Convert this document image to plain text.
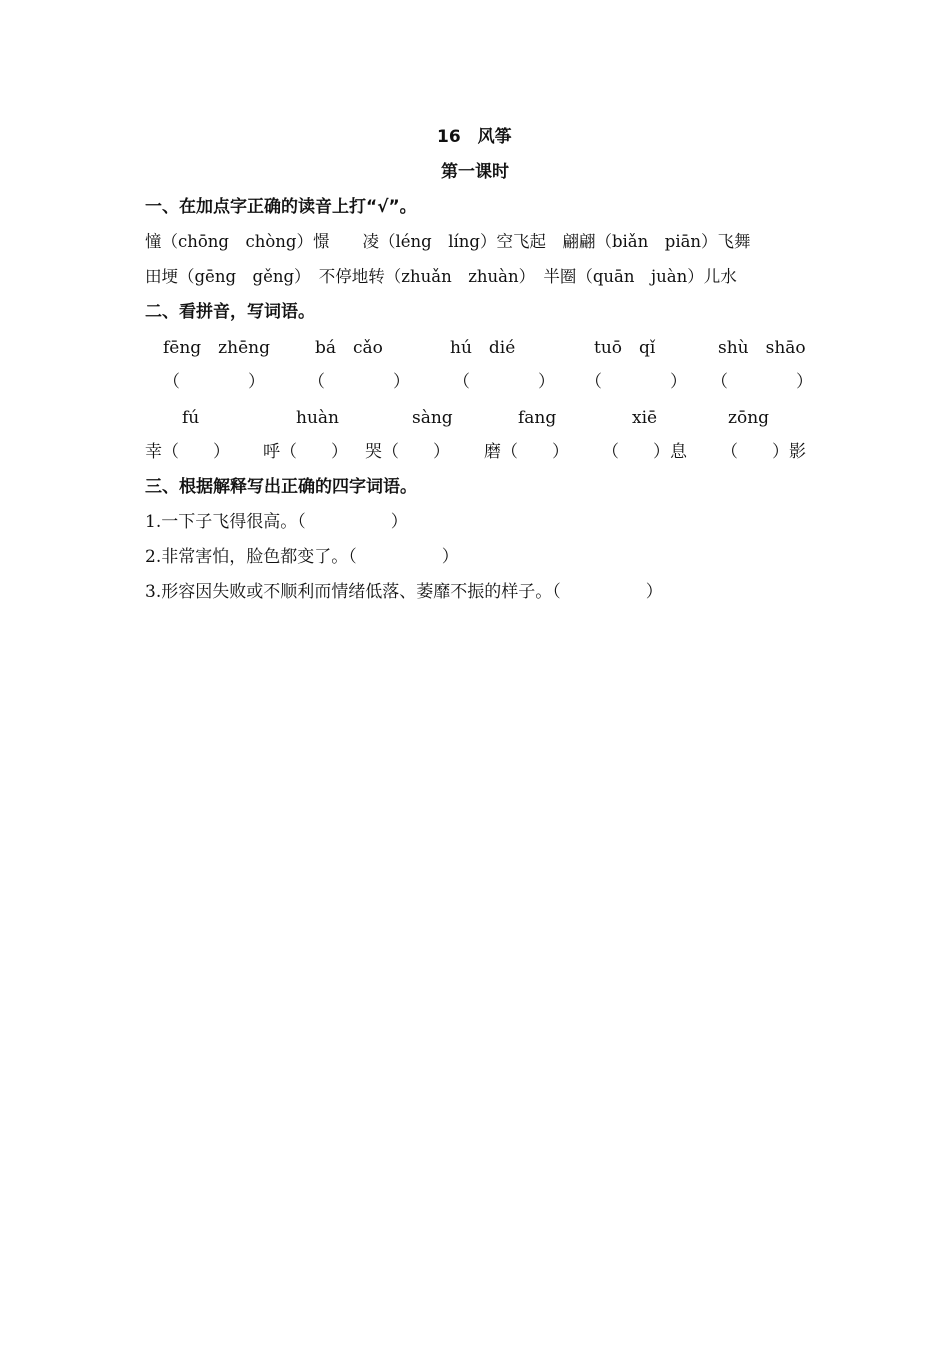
16　风筝
第一课时
一、在加点字正确的读音上打“√”。
憧（chōng　chòng）憬　　凌（léng　líng）空飞起　翩翩（biǎn　piān）飞舞
田埂（gēng　gěng）　不停地转（zhuǎn　zhuàn）　半圈（quān　juàn）儿水
二、看拼音，写词语。
fēng　zhēng	bá　cǎo	hú　dié	tuō　qǐ	shù　shāo
（　　　　）	（　　　　）	（　　　　） （　　　　） （　　　　）
fú	huàn	sàng	fang	xiē	zōng
幸（　　） 呼（　　） 哭（　　） 磨（　　） （　　）息 （　　）影
三、根据解释写出正确的四字词语。
1.一下子飞得很高。（　　　　　）
2.非常害怕，脸色都变了。（　　　　　）
3.形容因失败或不顺利而情绪低落、萎靡不振的样子。（　　　　　）
